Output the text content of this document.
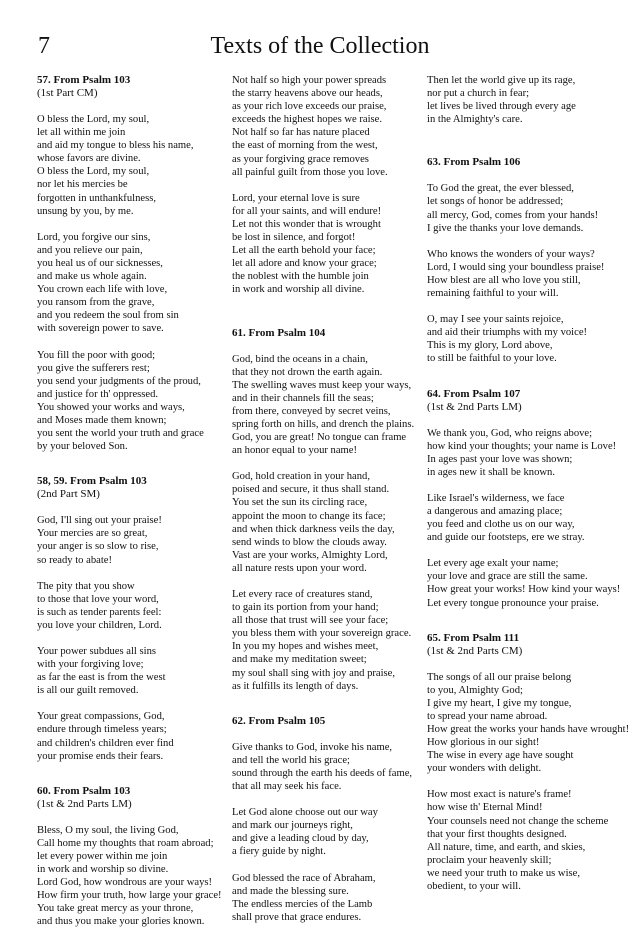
7	Texts of the Collection
57. From Psalm 103
(1st Part CM)
O bless the Lord, my soul,
let all within me join
and aid my tongue to bless his name,
whose favors are divine.
O bless the Lord, my soul,
nor let his mercies be
forgotten in unthankfulness,
unsung by you, by me.
Lord, you forgive our sins,
and you relieve our pain,
you heal us of our sicknesses,
and make us whole again.
You crown each life with love,
you ransom from the grave,
and you redeem the soul from sin
with sovereign power to save.
You fill the poor with good;
you give the sufferers rest;
you send your judgments of the proud,
and justice for th' oppressed.
You showed your works and ways,
and Moses made them known;
you sent the world your truth and grace
by your beloved Son.
58, 59. From Psalm 103
(2nd Part SM)
God, I'll sing out your praise!
Your mercies are so great,
your anger is so slow to rise,
so ready to abate!
The pity that you show
to those that love your word,
is such as tender parents feel:
you love your children, Lord.
Your power subdues all sins
with your forgiving love;
as far the east is from the west
is all our guilt removed.
Your great compassions, God,
endure through timeless years;
and children's children ever find
your promise ends their fears.
60. From Psalm 103
(1st & 2nd Parts LM)
Bless, O my soul, the living God,
Call home my thoughts that roam abroad;
let every power within me join
in work and worship so divine.
Lord God, how wondrous are your ways!
How firm your truth, how large your grace!
You take great mercy as your throne,
and thus you make your glories known.
Not half so high your power spreads
the starry heavens above our heads,
as your rich love exceeds our praise,
exceeds the highest hopes we raise.
Not half so far has nature placed
the east of morning from the west,
as your forgiving grace removes
all painful guilt from those you love.
Lord, your eternal love is sure
for all your saints, and will endure!
Let not this wonder that is wrought
be lost in silence, and forgot!
Let all the earth behold your face;
let all adore and know your grace;
the noblest with the humble join
in work and worship all divine.
61. From Psalm 104
God, bind the oceans in a chain,
that they not drown the earth again.
The swelling waves must keep your ways,
and in their channels fill the seas;
from there, conveyed by secret veins,
spring forth on hills, and drench the plains.
God, you are great! No tongue can frame
an honor equal to your name!
God, hold creation in your hand,
poised and secure, it thus shall stand.
You set the sun its circling race,
appoint the moon to change its face;
and when thick darkness veils the day,
send winds to blow the clouds away.
Vast are your works, Almighty Lord,
all nature rests upon your word.
Let every race of creatures stand,
to gain its portion from your hand;
all those that trust will see your face;
you bless them with your sovereign grace.
In you my hopes and wishes meet,
and make my meditation sweet;
my soul shall sing with joy and praise,
as it fulfills its length of days.
62. From Psalm 105
Give thanks to God, invoke his name,
and tell the world his grace;
sound through the earth his deeds of fame,
that all may seek his face.
Let God alone choose out our way
and mark our journeys right,
and give a leading cloud by day,
a fiery guide by night.
God blessed the race of Abraham,
and made the blessing sure.
The endless mercies of the Lamb
shall prove that grace endures.
Then let the world give up its rage,
nor put a church in fear;
let lives be lived through every age
in the Almighty's care.
63. From Psalm 106
To God the great, the ever blessed,
let songs of honor be addressed;
all mercy, God, comes from your hands!
I give the thanks your love demands.
Who knows the wonders of your ways?
Lord, I would sing your boundless praise!
How blest are all who love you still,
remaining faithful to your will.
O, may I see your saints rejoice,
and aid their triumphs with my voice!
This is my glory, Lord above,
to still be faithful to your love.
64. From Psalm 107
(1st & 2nd Parts LM)
We thank you, God, who reigns above;
how kind your thoughts; your name is Love!
In ages past your love was shown;
in ages new it shall be known.
Like Israel's wilderness, we face
a dangerous and amazing place;
you feed and clothe us on our way,
and guide our footsteps, ere we stray.
Let every age exalt your name;
your love and grace are still the same.
How great your works! How kind your ways!
Let every tongue pronounce your praise.
65. From Psalm 111
(1st & 2nd Parts CM)
The songs of all our praise belong
to you, Almighty God;
I give my heart, I give my tongue,
to spread your name abroad.
How great the works your hands have wrought!
How glorious in our sight!
The wise in every age have sought
your wonders with delight.
How most exact is nature's frame!
how wise th' Eternal Mind!
Your counsels need not change the scheme
that your first thoughts designed.
All nature, time, and earth, and skies,
proclaim your heavenly skill;
we need your truth to make us wise,
obedient, to your will.
